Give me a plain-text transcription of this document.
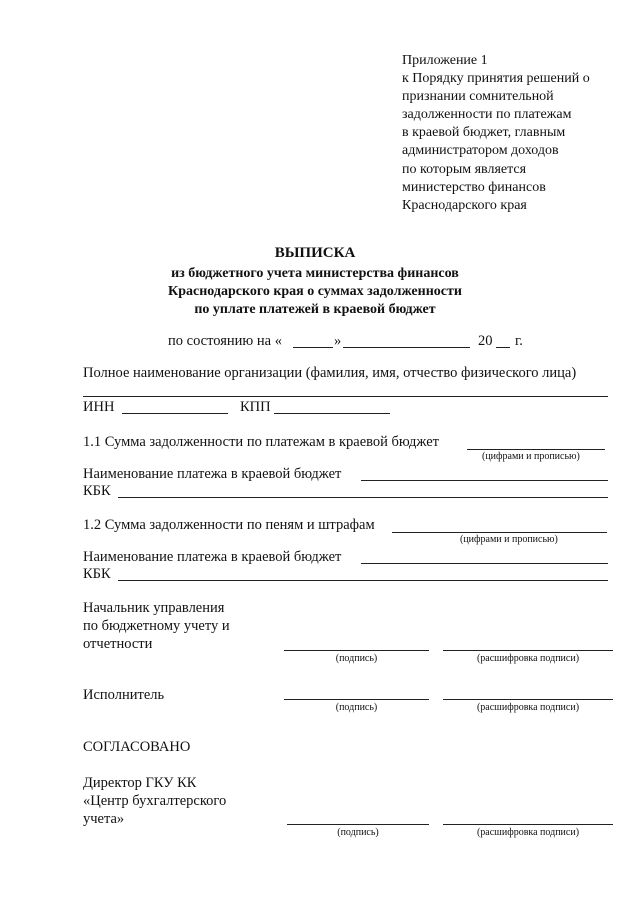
Приложение 1
к Порядку принятия решений о
признании сомнительной
задолженности по платежам
в краевой бюджет, главным
администратором доходов
по которым является
министерство финансов
Краснодарского края
ВЫПИСКА
из бюджетного учета министерства финансов
Краснодарского края о суммах задолженности
по уплате платежей в краевой бюджет
по состоянию на «	»	20 г.
Полное наименование организации (фамилия, имя, отчество физического лица)
ИНН	КПП
1.1 Сумма задолженности по платежам в краевой бюджет
(цифрами и прописью)
Наименование платежа в краевой бюджет
КБК
1.2 Сумма задолженности по пеням и штрафам
(цифрами и прописью)
Наименование платежа в краевой бюджет
КБК
Начальник управления
по бюджетному учету и
отчетности
(подпись)	(расшифровка подписи)
Исполнитель
(подпись)	(расшифровка подписи)
СОГЛАСОВАНО
Директор ГКУ КК
«Центр бухгалтерского
учета»
(подпись)	(расшифровка подписи)
